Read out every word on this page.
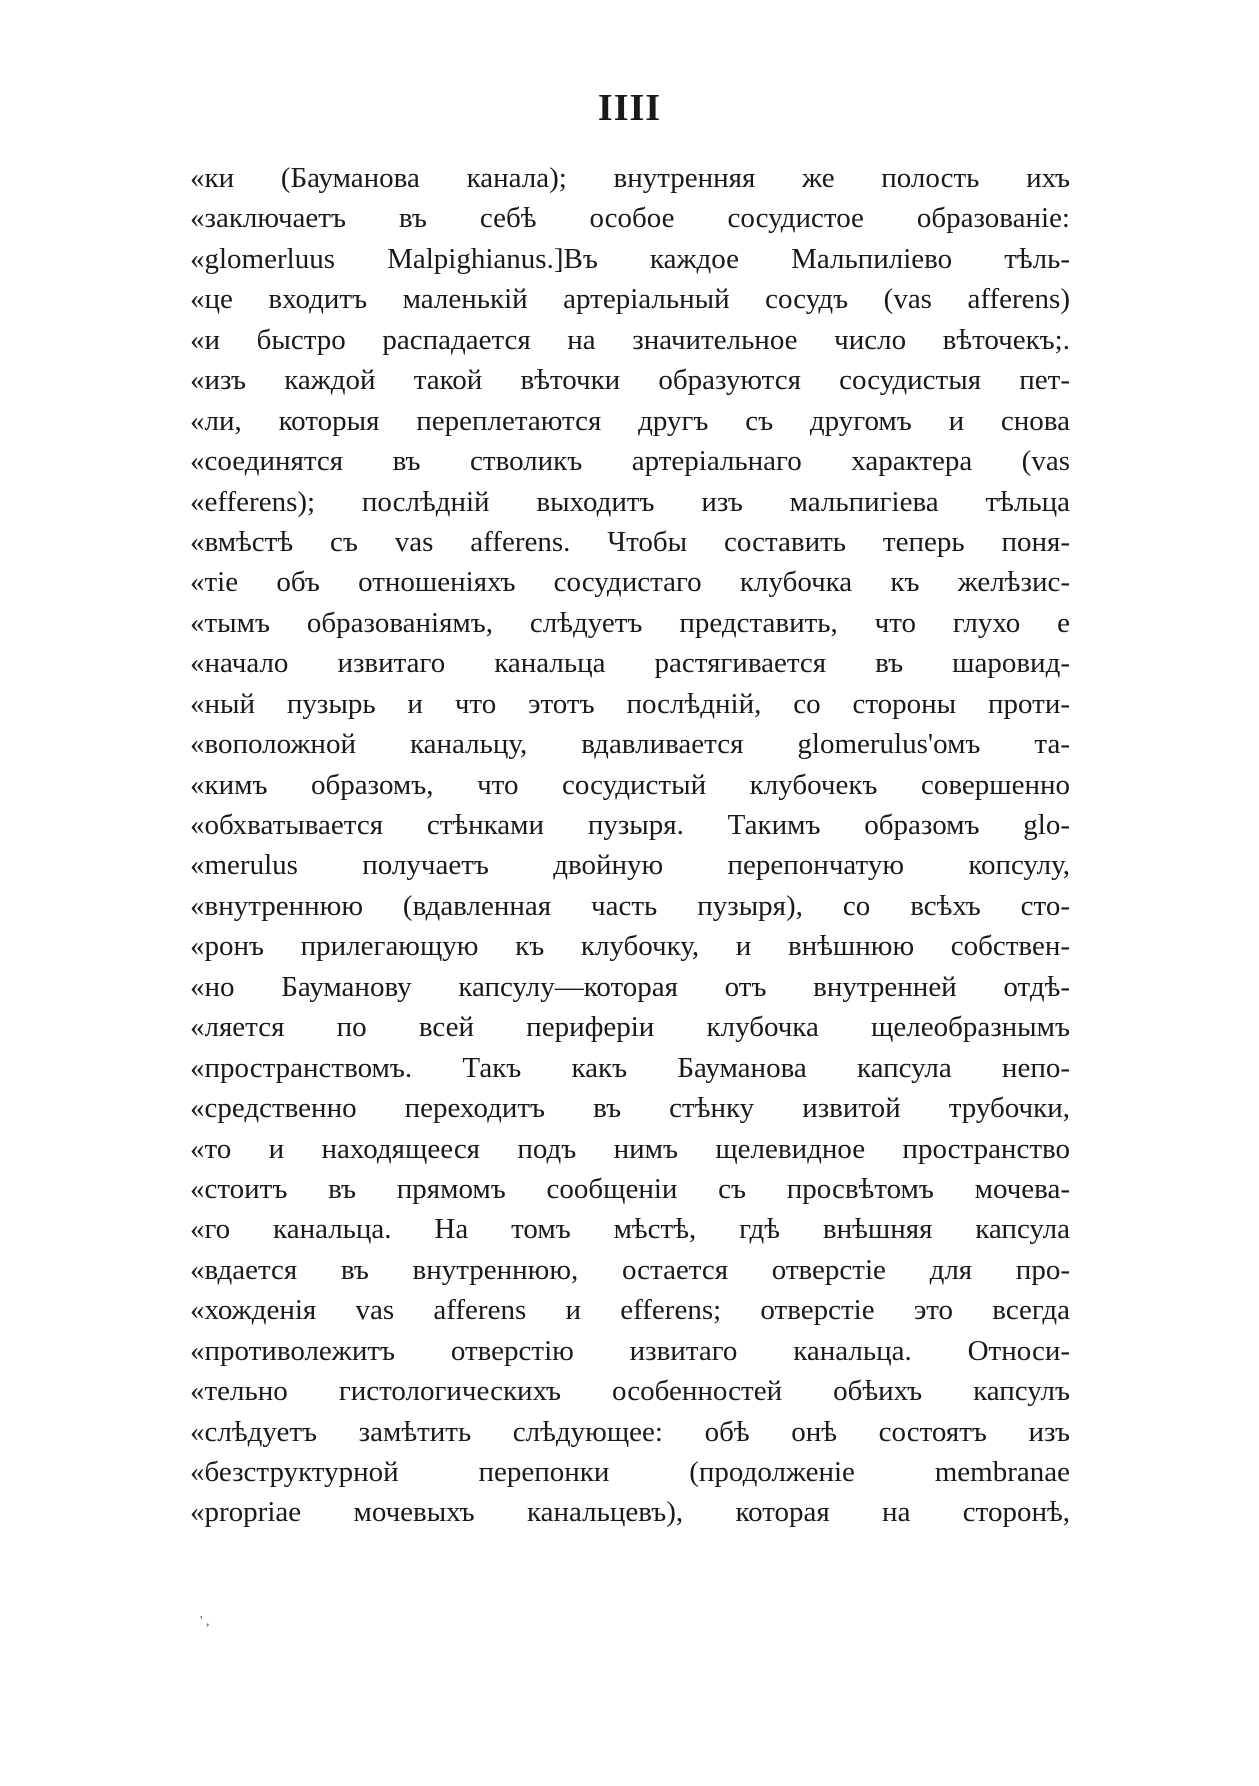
IIII
«ки (Бауманова канала); внутренняя же полость ихъ
«заключаетъ въ себѣ особое сосудистое образованіе:
«glomerluus Malpighianus.]Въ каждое Мальпиліево тѣль-
«це входитъ маленькій артеріальный сосудъ (vas afferens)
«и быстро распадается на значительное число вѣточекъ;.
«изъ каждой такой вѣточки образуются сосудистыя пет-
«ли, которыя переплетаются другъ съ другомъ и снова
«соединятся въ стволикъ артеріальнаго характера (vas
«efferens); послѣдній выходитъ изъ мальпигіева тѣльца
«вмѣстѣ съ vas afferens. Чтобы составить теперь поня-
«тіе объ отношеніяхъ сосудистаго клубочка къ желѣзис-
«тымъ образованіямъ, слѣдуетъ представить, что глухо е
«начало извитаго канальца растягивается въ шаровид-
«ный пузырь и что этотъ послѣдній, со стороны проти-
«воположной канальцу, вдавливается glomerulus'омъ та-
«кимъ образомъ, что сосудистый клубочекъ совершенно
«обхватывается стѣнками пузыря. Такимъ образомъ glo-
«merulus получаетъ двойную перепончатую копсулу,
«внутреннюю (вдавленная часть пузыря), со всѣхъ сто-
«ронъ прилегающую къ клубочку, и внѣшнюю собствен-
«но Бауманову капсулу—которая отъ внутренней отдѣ-
«ляется по всей периферіи клубочка щелеобразнымъ
«пространствомъ. Такъ какъ Бауманова капсула непо-
«средственно переходитъ въ стѣнку извитой трубочки,
«то и находящееся подъ нимъ щелевидное пространство
«стоитъ въ прямомъ сообщеніи съ просвѣтомъ мочева-
«го канальца. На томъ мѣстѣ, гдѣ внѣшняя капсула
«вдается въ внутреннюю, остается отверстіе для про-
«хожденія vas afferens и efferens; отверстіе это всегда
«противолежитъ отверстію извитаго канальца. Относи-
«тельно гистологическихъ особенностей обѣихъ капсулъ
«слѣдуетъ замѣтить слѣдующее: обѣ онѣ состоятъ изъ
«безструктурной перепонки (продолженіе membranae
«propriae мочевыхъ канальцевъ), которая на сторонѣ,
' ,
